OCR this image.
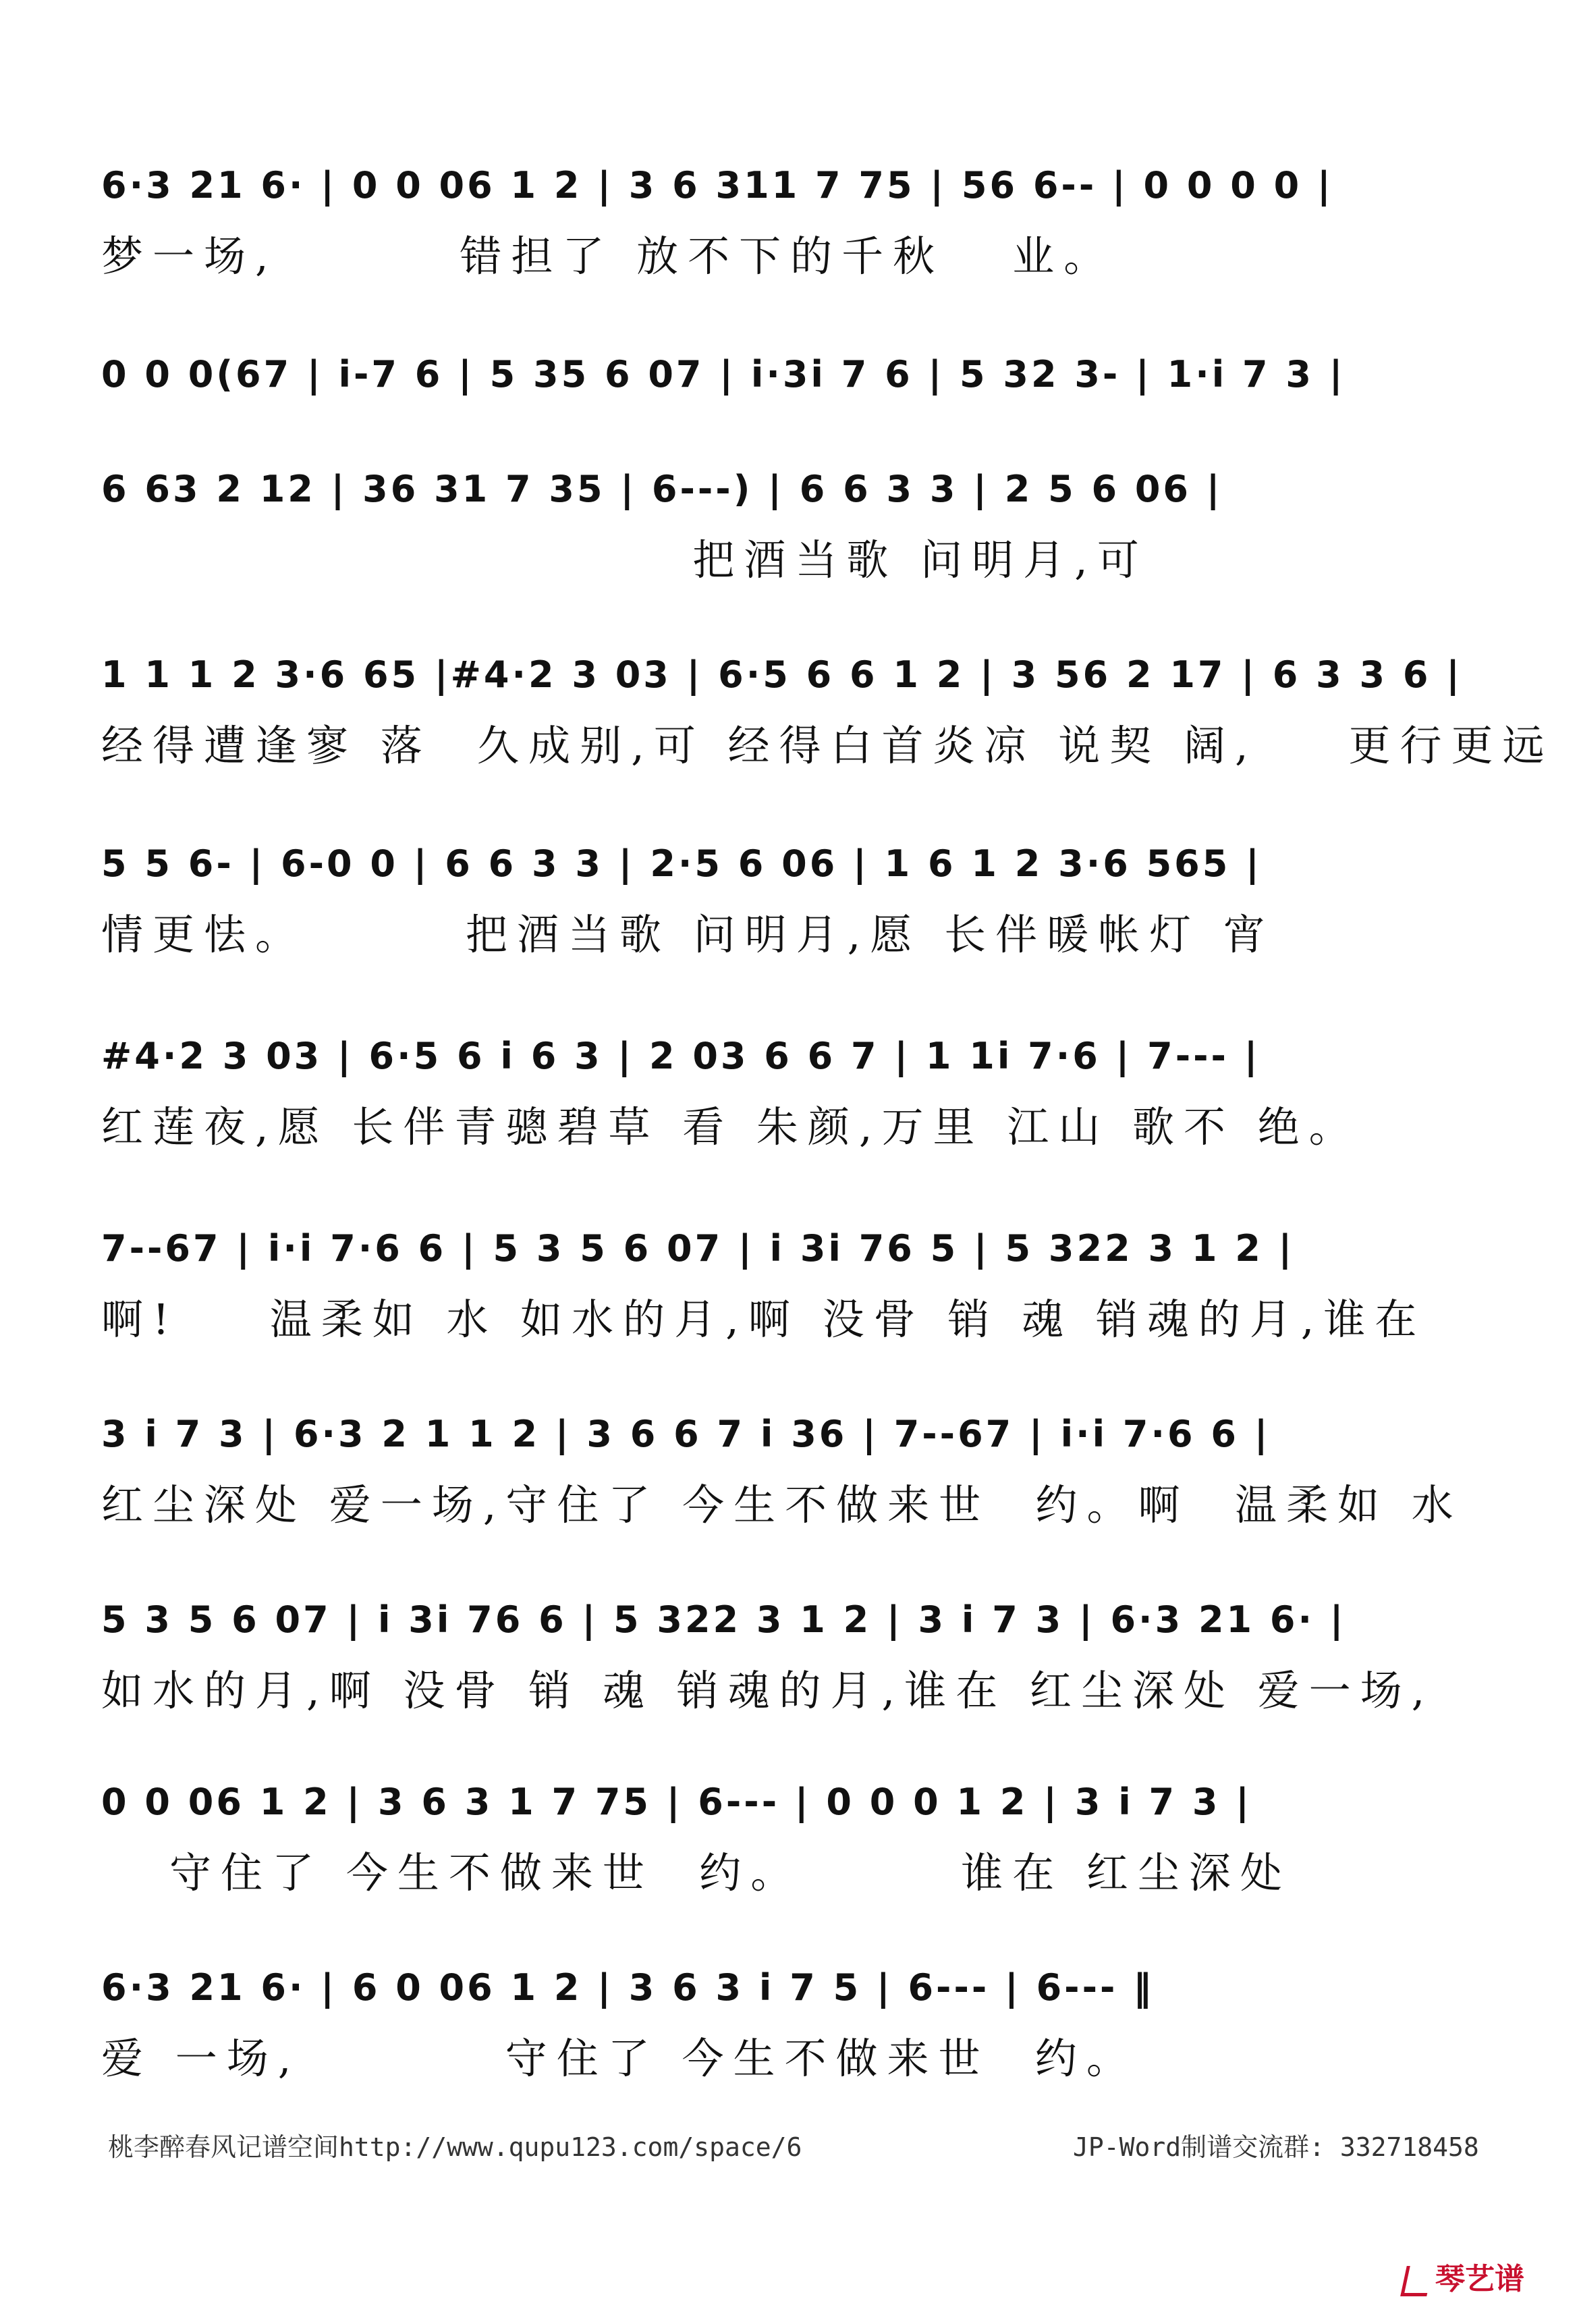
6·3 21 6· | 0 0 06 1 2 | 3 6 311 7 75 | 56 6-- | 0 0 0 0 |
梦一场,        错担了 放不下的千秋   业。
0 0 0(67 | i-7 6 | 5 35 6 07 | i·3i 7 6 | 5 32 3- | 1·i 7 3 |
6 63 2 12 | 36 31 7 35 | 6---) | 6 6 3 3 | 2 5 6 06 |
把酒当歌 问明月,可
1 1 1 2 3·6 65 |#4·2 3 03 | 6·5 6 6 1 2 | 3 56 2 17 | 6 3 3 6 |
经得遭逢寥 落  久成别,可 经得白首炎凉 说契 阔,    更行更远
5 5 6- | 6-0 0 | 6 6 3 3 | 2·5 6 06 | 1 6 1 2 3·6 565 |
情更怯。       把酒当歌 问明月,愿 长伴暖帐灯 宵
#4·2 3 03 | 6·5 6 i 6 3 | 2 03 6 6 7 | 1 1i 7·6 | 7--- |
红莲夜,愿 长伴青骢碧草 看 朱颜,万里 江山 歌不 绝。
7--67 | i·i 7·6 6 | 5 3 5 6 07 | i 3i 76 5 | 5 322 3 1 2 |
啊!    温柔如 水 如水的月,啊 没骨 销 魂 销魂的月,谁在
3 i 7 3 | 6·3 2 1 1 2 | 3 6 6 7 i 36 | 7--67 | i·i 7·6 6 |
红尘深处 爱一场,守住了 今生不做来世  约。啊  温柔如 水
5 3 5 6 07 | i 3i 76 6 | 5 322 3 1 2 | 3 i 7 3 | 6·3 21 6· |
如水的月,啊 没骨 销 魂 销魂的月,谁在 红尘深处 爱一场,
0 0 06 1 2 | 3 6 3 1 7 75 | 6--- | 0 0 0 1 2 | 3 i 7 3 |
守住了 今生不做来世  约。       谁在 红尘深处
6·3 21 6· | 6 0 06 1 2 | 3 6 3 i 7 5 | 6--- | 6--- ‖
爱 一场,         守住了 今生不做来世  约。
桃李醉春风记谱空间http://www.qupu123.com/space/6	JP-Word制谱交流群: 332718458
琴艺谱
